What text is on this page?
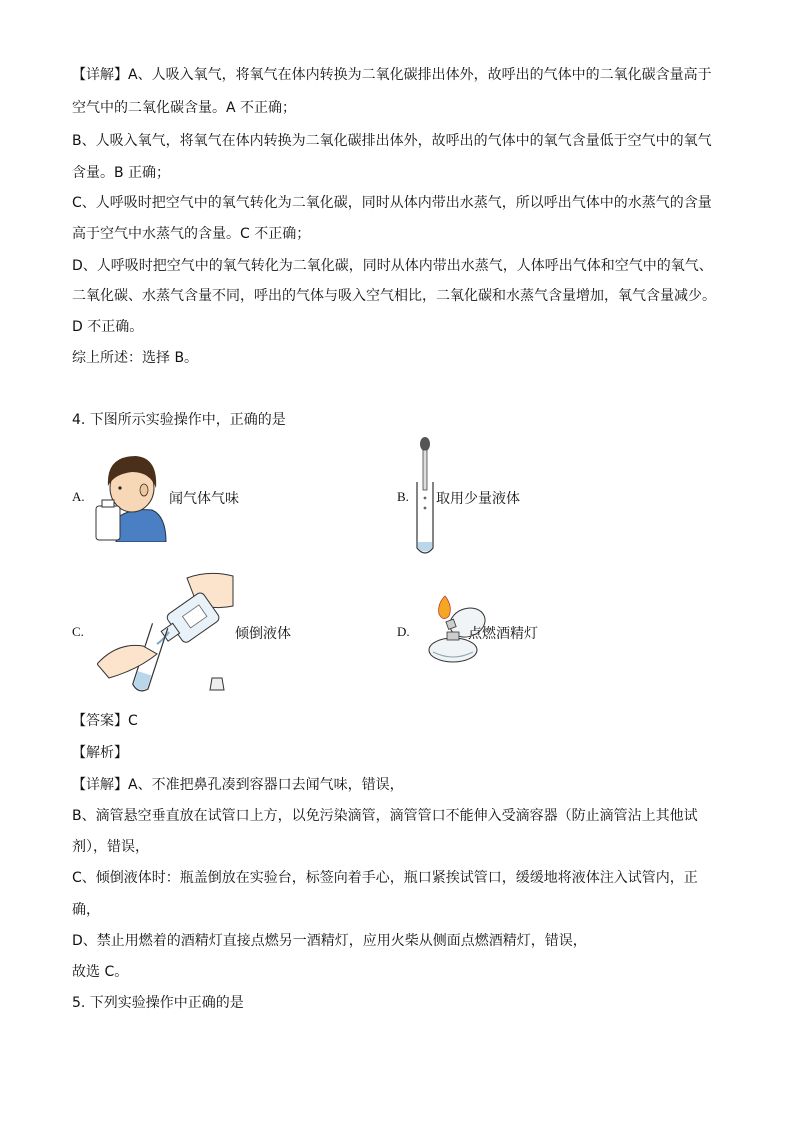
【详解】A、人吸入氧气，将氧气在体内转换为二氧化碳排出体外，故呼出的气体中的二氧化碳含量高于
空气中的二氧化碳含量。A 不正确；
B、人吸入氧气，将氧气在体内转换为二氧化碳排出体外，故呼出的气体中的氧气含量低于空气中的氧气
含量。B 正确；
C、人呼吸时把空气中的氧气转化为二氧化碳，同时从体内带出水蒸气，所以呼出气体中的水蒸气的含量
高于空气中水蒸气的含量。C 不正确；
D、人呼吸时把空气中的氧气转化为二氧化碳，同时从体内带出水蒸气，人体呼出气体和空气中的氧气、
二氧化碳、水蒸气含量不同，呼出的气体与吸入空气相比，二氧化碳和水蒸气含量增加，氧气含量减少。
D 不正确。
综上所述：选择 B。
4. 下图所示实验操作中，正确的是
A.	闻气体气味	B. 取用少量液体
C.	倾倒液体	D.	点燃酒精灯
【答案】C
【解析】
【详解】A、不准把鼻孔凑到容器口去闻气味，错误，
B、滴管悬空垂直放在试管口上方，以免污染滴管，滴管管口不能伸入受滴容器（防止滴管沾上其他试
剂），错误，
C、倾倒液体时：瓶盖倒放在实验台，标签向着手心，瓶口紧挨试管口，缓缓地将液体注入试管内，正
确，
D、禁止用燃着的酒精灯直接点燃另一酒精灯，应用火柴从侧面点燃酒精灯，错误，
故选 C。
5. 下列实验操作中正确的是
